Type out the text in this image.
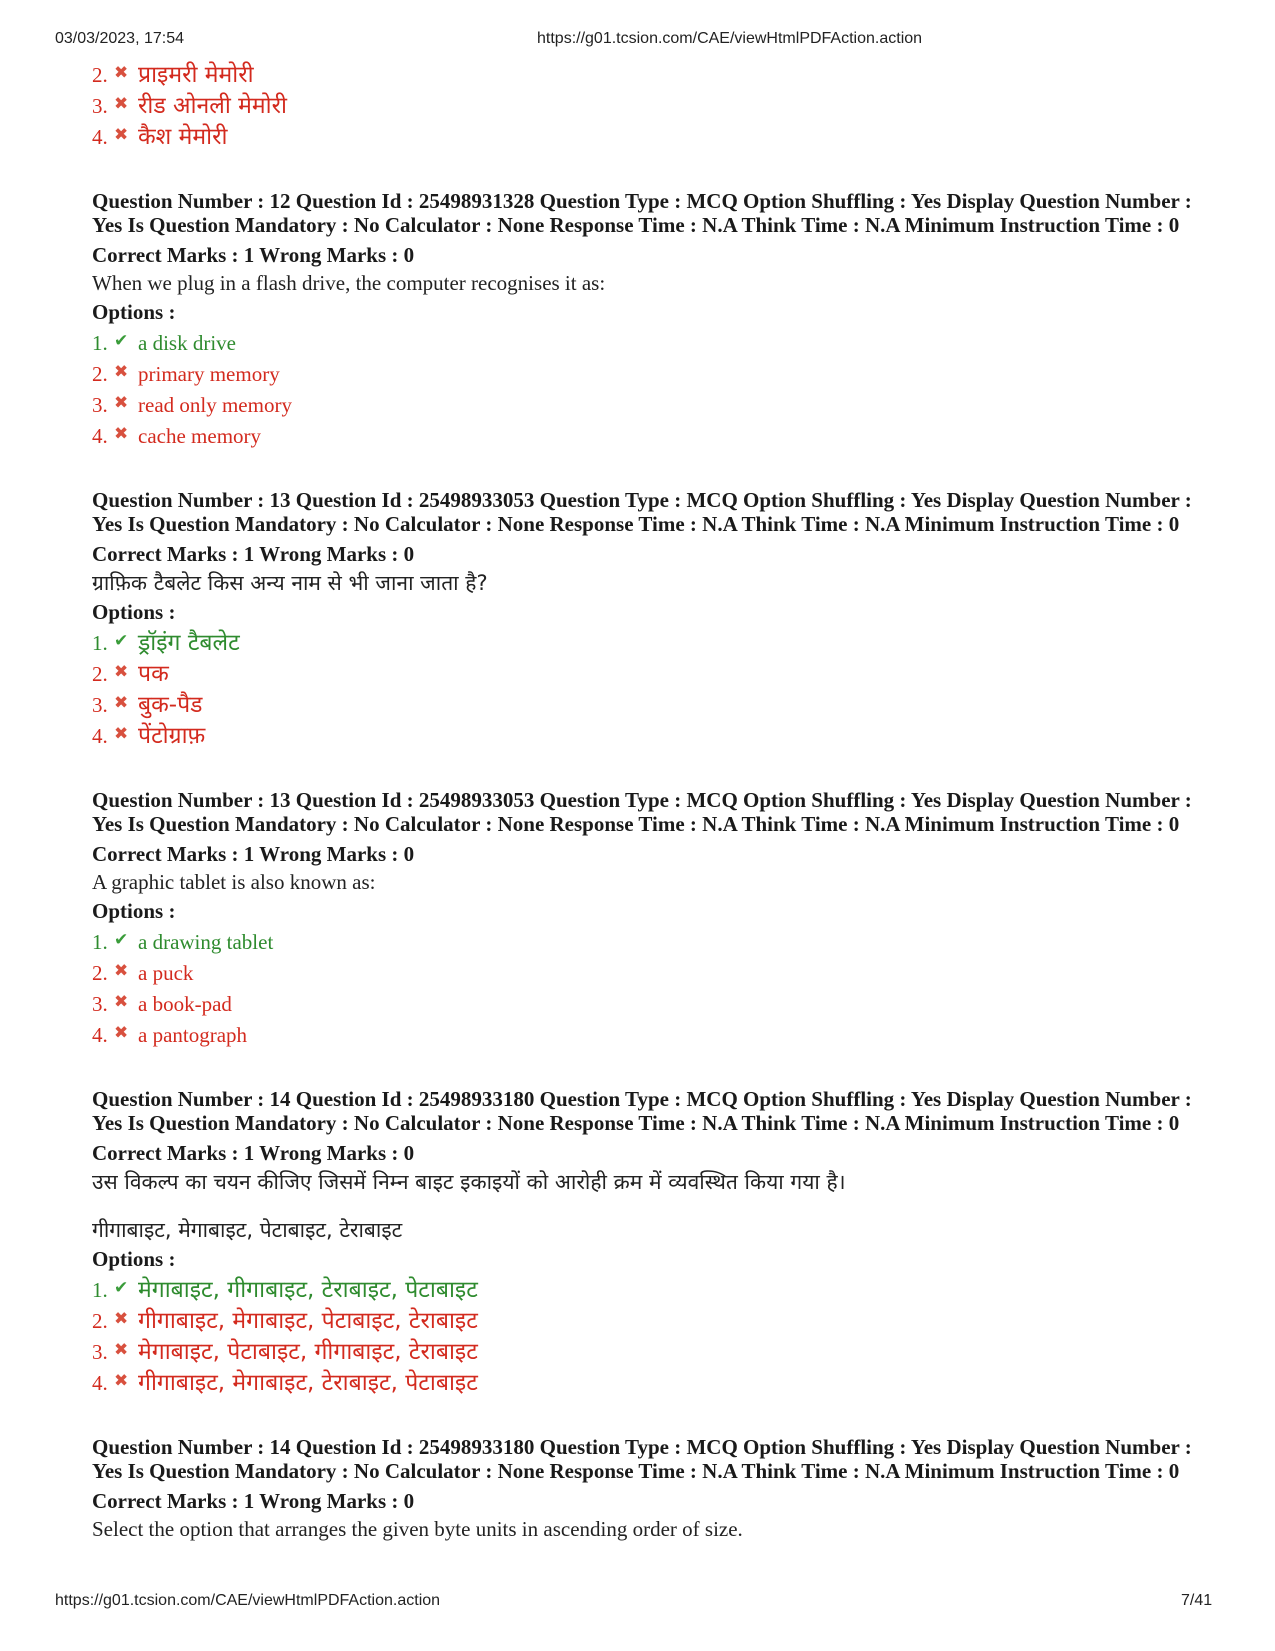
03/03/2023, 17:54	https://g01.tcsion.com/CAE/viewHtmlPDFAction.action
2. ✖ प्राइमरी मेमोरी
3. ✖ रीड ओनली मेमोरी
4. ✖ कैश मेमोरी
Question Number : 12 Question Id : 25498931328 Question Type : MCQ Option Shuffling : Yes Display Question Number :
Yes Is Question Mandatory : No Calculator : None Response Time : N.A Think Time : N.A Minimum Instruction Time : 0
Correct Marks : 1 Wrong Marks : 0
When we plug in a flash drive, the computer recognises it as:
Options :
1. ✔ a disk drive
2. ✖ primary memory
3. ✖ read only memory
4. ✖ cache memory
Question Number : 13 Question Id : 25498933053 Question Type : MCQ Option Shuffling : Yes Display Question Number :
Yes Is Question Mandatory : No Calculator : None Response Time : N.A Think Time : N.A Minimum Instruction Time : 0
Correct Marks : 1 Wrong Marks : 0
ग्राफ़िक टैबलेट किस अन्य नाम से भी जाना जाता है?
Options :
1. ✔ ड्रॉइंग टैबलेट
2. ✖ पक
3. ✖ बुक-पैड
4. ✖ पेंटोग्राफ़
Question Number : 13 Question Id : 25498933053 Question Type : MCQ Option Shuffling : Yes Display Question Number :
Yes Is Question Mandatory : No Calculator : None Response Time : N.A Think Time : N.A Minimum Instruction Time : 0
Correct Marks : 1 Wrong Marks : 0
A graphic tablet is also known as:
Options :
1. ✔ a drawing tablet
2. ✖ a puck
3. ✖ a book-pad
4. ✖ a pantograph
Question Number : 14 Question Id : 25498933180 Question Type : MCQ Option Shuffling : Yes Display Question Number :
Yes Is Question Mandatory : No Calculator : None Response Time : N.A Think Time : N.A Minimum Instruction Time : 0
Correct Marks : 1 Wrong Marks : 0
उस विकल्प का चयन कीजिए जिसमें निम्न बाइट इकाइयों को आरोही क्रम में व्यवस्थित किया गया है।
गीगाबाइट, मेगाबाइट, पेटाबाइट, टेराबाइट
Options :
1. ✔ मेगाबाइट, गीगाबाइट, टेराबाइट, पेटाबाइट
2. ✖ गीगाबाइट, मेगाबाइट, पेटाबाइट, टेराबाइट
3. ✖ मेगाबाइट, पेटाबाइट, गीगाबाइट, टेराबाइट
4. ✖ गीगाबाइट, मेगाबाइट, टेराबाइट, पेटाबाइट
Question Number : 14 Question Id : 25498933180 Question Type : MCQ Option Shuffling : Yes Display Question Number :
Yes Is Question Mandatory : No Calculator : None Response Time : N.A Think Time : N.A Minimum Instruction Time : 0
Correct Marks : 1 Wrong Marks : 0
Select the option that arranges the given byte units in ascending order of size.
https://g01.tcsion.com/CAE/viewHtmlPDFAction.action	7/41
